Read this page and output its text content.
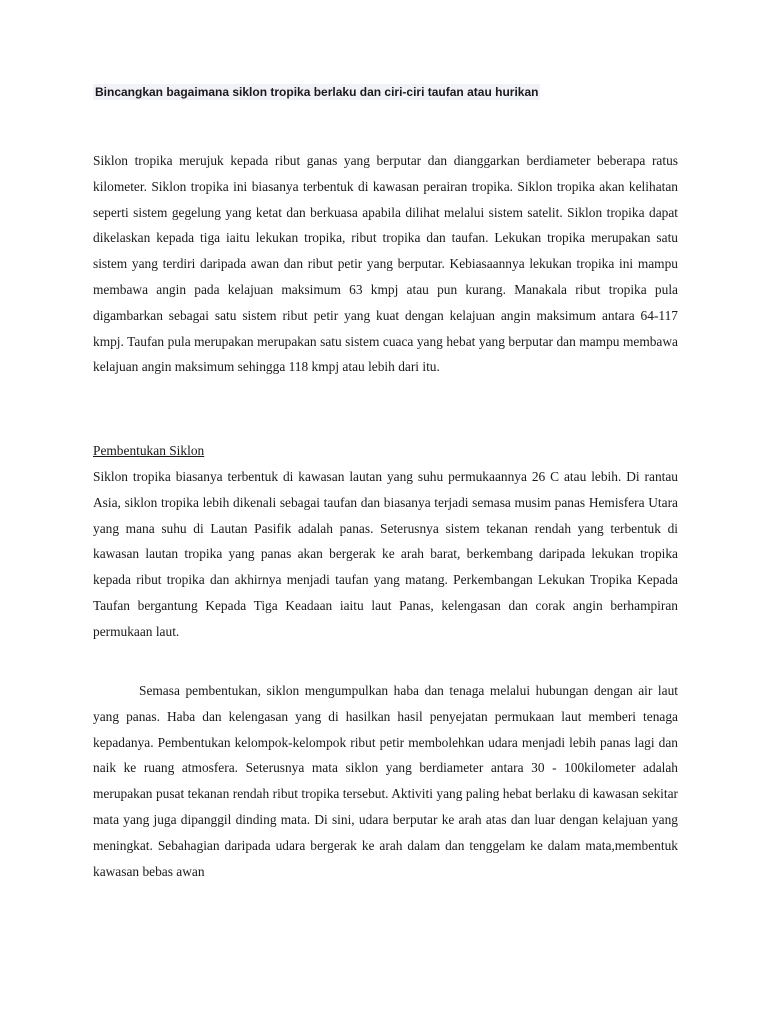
Bincangkan bagaimana siklon tropika berlaku dan ciri-ciri taufan atau hurikan

Siklon tropika merujuk kepada ribut ganas yang berputar dan dianggarkan berdiameter beberapa ratus kilometer. Siklon tropika ini biasanya terbentuk di kawasan perairan tropika. Siklon tropika akan kelihatan seperti sistem gegelung yang ketat dan berkuasa apabila dilihat melalui sistem satelit. Siklon tropika dapat dikelaskan kepada tiga iaitu lekukan tropika, ribut tropika dan taufan. Lekukan tropika merupakan satu sistem yang terdiri daripada awan dan ribut petir yang berputar. Kebiasaannya lekukan tropika ini mampu membawa angin pada kelajuan maksimum 63 kmpj atau pun kurang. Manakala ribut tropika pula digambarkan sebagai satu sistem ribut petir yang kuat dengan kelajuan angin maksimum antara 64-117 kmpj. Taufan pula merupakan merupakan satu sistem cuaca yang hebat yang berputar dan mampu membawa kelajuan angin maksimum sehingga 118 kmpj atau lebih dari itu.

Pembentukan Siklon

Siklon tropika biasanya terbentuk di kawasan lautan yang suhu permukaannya 26 C atau lebih. Di rantau Asia, siklon tropika lebih dikenali sebagai taufan dan biasanya terjadi semasa musim panas Hemisfera Utara yang mana suhu di Lautan Pasifik adalah panas. Seterusnya sistem tekanan rendah yang terbentuk di kawasan lautan tropika yang panas akan bergerak ke arah barat, berkembang daripada lekukan tropika kepada ribut tropika dan akhirnya menjadi taufan yang matang. Perkembangan Lekukan Tropika Kepada Taufan bergantung Kepada Tiga Keadaan iaitu laut Panas, kelengasan dan corak angin berhampiran permukaan laut.

Semasa pembentukan, siklon mengumpulkan haba dan tenaga melalui hubungan dengan air laut yang panas. Haba dan kelengasan yang di hasilkan hasil penyejatan permukaan laut memberi tenaga kepadanya. Pembentukan kelompok-kelompok ribut petir membolehkan udara menjadi lebih panas lagi dan naik ke ruang atmosfera. Seterusnya mata siklon yang berdiameter antara 30 - 100kilometer adalah merupakan pusat tekanan rendah ribut tropika tersebut. Aktiviti yang paling hebat berlaku di kawasan sekitar mata yang juga dipanggil dinding mata. Di sini, udara berputar ke arah atas dan luar dengan kelajuan yang meningkat. Sebahagian daripada udara bergerak ke arah dalam dan tenggelam ke dalam mata,membentuk kawasan bebas awan
